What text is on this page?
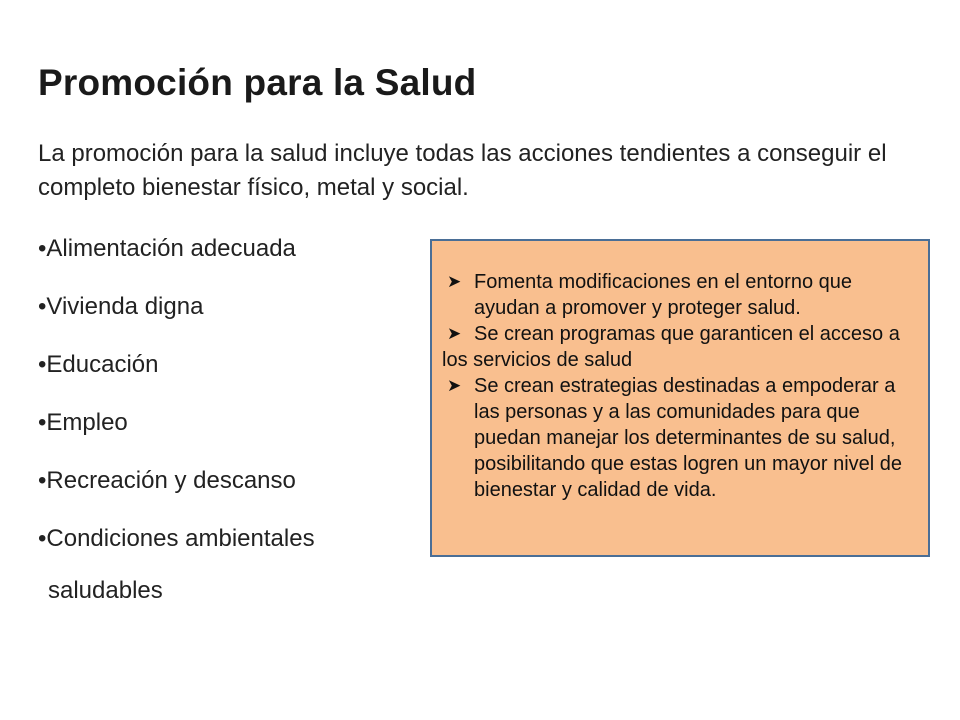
Promoción para la Salud

La promoción para la salud incluye todas las acciones tendientes a conseguir el completo bienestar físico, metal y social.

•Alimentación adecuada
•Vivienda digna
•Educación
•Empleo
•Recreación y descanso
•Condiciones ambientales
saludables
➤ Fomenta modificaciones en el entorno que ayudan a promover y proteger salud.
➤ Se crean programas que garanticen el acceso a los servicios de salud
➤ Se crean estrategias destinadas a empoderar a las personas y a las comunidades para que puedan manejar los determinantes de su salud, posibilitando que estas logren un mayor nivel de bienestar y calidad de vida.
